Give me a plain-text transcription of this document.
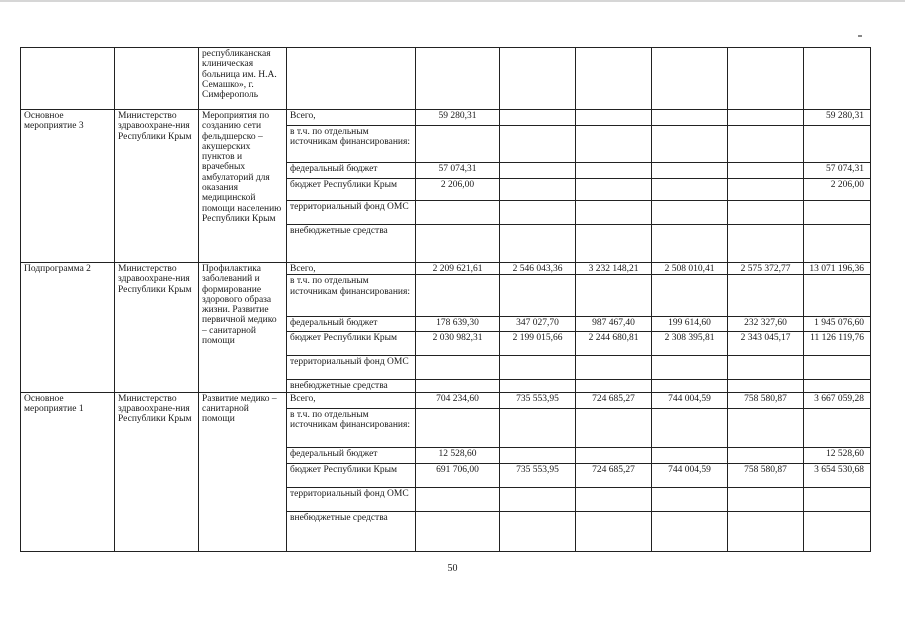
		республиканская клиническая больница им. Н.А. Семашко», г. Симферополь							
Основное мероприятие 3	Министерство здравоохране-ния Республики Крым	Мероприятия по созданию сети фельдшерско – акушерских пунктов и врачебных амбулаторий для оказания медицинской помощи населению Республики Крым	Всего,	59 280,31					59 280,31
			в т.ч. по отдельным источникам финансирования:						
			федеральный бюджет	57 074,31					57 074,31
			бюджет Республики Крым	2 206,00					2 206,00
			территориальный фонд ОМС						
			внебюджетные средства						
Подпрограмма 2	Министерство здравоохране-ния Республики Крым	Профилактика заболеваний и формирование здорового образа жизни. Развитие первичной медико – санитарной помощи	Всего,	2 209 621,61	2 546 043,36	3 232 148,21	2 508 010,41	2 575 372,77	13 071 196,36
			в т.ч. по отдельным источникам финансирования:						
			федеральный бюджет	178 639,30	347 027,70	987 467,40	199 614,60	232 327,60	1 945 076,60
			бюджет Республики Крым	2 030 982,31	2 199 015,66	2 244 680,81	2 308 395,81	2 343 045,17	11 126 119,76
			территориальный фонд ОМС						
			внебюджетные средства						
Основное мероприятие 1	Министерство здравоохране-ния Республики Крым	Развитие медико – санитарной помощи	Всего,	704 234,60	735 553,95	724 685,27	744 004,59	758 580,87	3 667 059,28
			в т.ч. по отдельным источникам финансирования:						
			федеральный бюджет	12 528,60					12 528,60
			бюджет Республики Крым	691 706,00	735 553,95	724 685,27	744 004,59	758 580,87	3 654 530,68
			территориальный фонд ОМС						
			внебюджетные средства						
50
